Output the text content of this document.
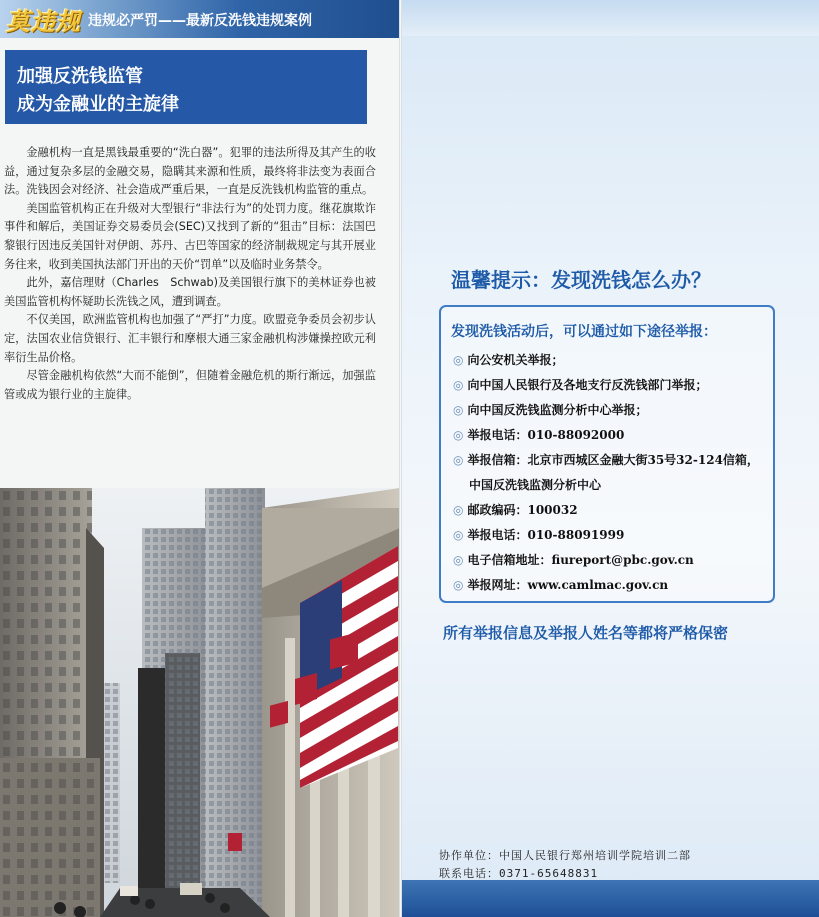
莫违规 违规必严罚——最新反洗钱违规案例
加强反洗钱监管
成为金融业的主旋律

金融机构一直是黑钱最重要的“洗白器”。犯罪的违法所得及其产生的收益，通过复杂多层的金融交易，隐瞒其来源和性质，最终将非法变为表面合法。洗钱因会对经济、社会造成严重后果，一直是反洗钱机构监管的重点。

美国监管机构正在升级对大型银行“非法行为”的处罚力度。继花旗欺诈事件和解后，美国证券交易委员会(SEC)又找到了新的“狙击”目标：法国巴黎银行因违反美国针对伊朗、苏丹、古巴等国家的经济制裁规定与其开展业务往来，收到美国执法部门开出的天价“罚单”以及临时业务禁令。

此外，嘉信理财（Charles　Schwab)及美国银行旗下的美林证券也被美国监管机构怀疑助长洗钱之风，遭到调查。

不仅美国，欧洲监管机构也加强了“严打”力度。欧盟竞争委员会初步认定，法国农业信贷银行、汇丰银行和摩根大通三家金融机构涉嫌操控欧元利率衍生品价格。

尽管金融机构依然“大而不能倒”，但随着金融危机的斯行渐远，加强监管或成为银行业的主旋律。

温馨提示：发现洗钱怎么办？
发现洗钱活动后，可以通过如下途径举报：
◎ 向公安机关举报；
◎ 向中国人民银行及各地支行反洗钱部门举报；
◎ 向中国反洗钱监测分析中心举报；
◎ 举报电话：010-88092000
◎ 举报信箱：北京市西城区金融大街35号32-124信箱，
中国反洗钱监测分析中心
◎ 邮政编码：100032
◎ 举报电话：010-88091999
◎ 电子信箱地址：fiureport@pbc.gov.cn
◎ 举报网址：www.camlmac.gov.cn
所有举报信息及举报人姓名等都将严格保密
协作单位：中国人民银行郑州培训学院培训二部
联系电话：0371-65648831
